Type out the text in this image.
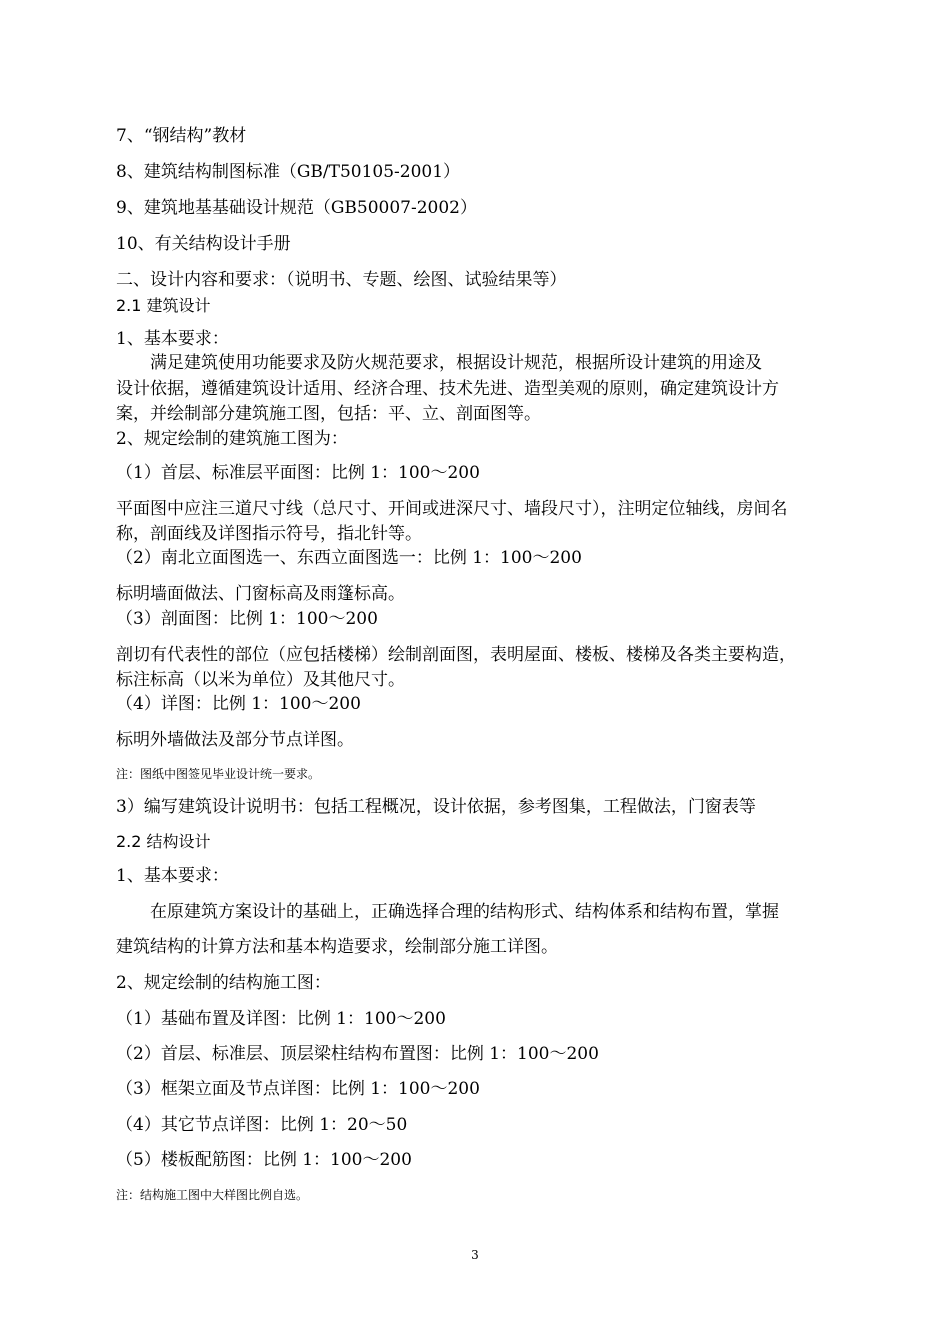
7、“钢结构”教材
8、建筑结构制图标准（GB/T50105-2001）
9、建筑地基基础设计规范（GB50007-2002）
10、有关结构设计手册
二、设计内容和要求：（说明书、专题、绘图、试验结果等）
2.1 建筑设计
1、基本要求：
满足建筑使用功能要求及防火规范要求，根据设计规范，根据所设计建筑的用途及
设计依据，遵循建筑设计适用、经济合理、技术先进、造型美观的原则，确定建筑设计方
案，并绘制部分建筑施工图，包括：平、立、剖面图等。
2、规定绘制的建筑施工图为：
（1）首层、标准层平面图：比例 1：100～200
平面图中应注三道尺寸线（总尺寸、开间或进深尺寸、墙段尺寸），注明定位轴线，房间名
称，剖面线及详图指示符号，指北针等。
（2）南北立面图选一、东西立面图选一：比例 1：100～200
标明墙面做法、门窗标高及雨篷标高。
（3）剖面图：比例 1：100～200
剖切有代表性的部位（应包括楼梯）绘制剖面图，表明屋面、楼板、楼梯及各类主要构造，
标注标高（以米为单位）及其他尺寸。
（4）详图：比例 1：100～200
标明外墙做法及部分节点详图。
注：图纸中图签见毕业设计统一要求。
3）编写建筑设计说明书：包括工程概况，设计依据，参考图集，工程做法，门窗表等
2.2 结构设计
1、基本要求：
在原建筑方案设计的基础上，正确选择合理的结构形式、结构体系和结构布置，掌握
建筑结构的计算方法和基本构造要求，绘制部分施工详图。
2、规定绘制的结构施工图：
（1）基础布置及详图：比例 1：100～200
（2）首层、标准层、顶层梁柱结构布置图：比例 1：100～200
（3）框架立面及节点详图：比例 1：100～200
（4）其它节点详图：比例 1：20～50
（5）楼板配筋图：比例 1：100～200
注：结构施工图中大样图比例自选。
3
